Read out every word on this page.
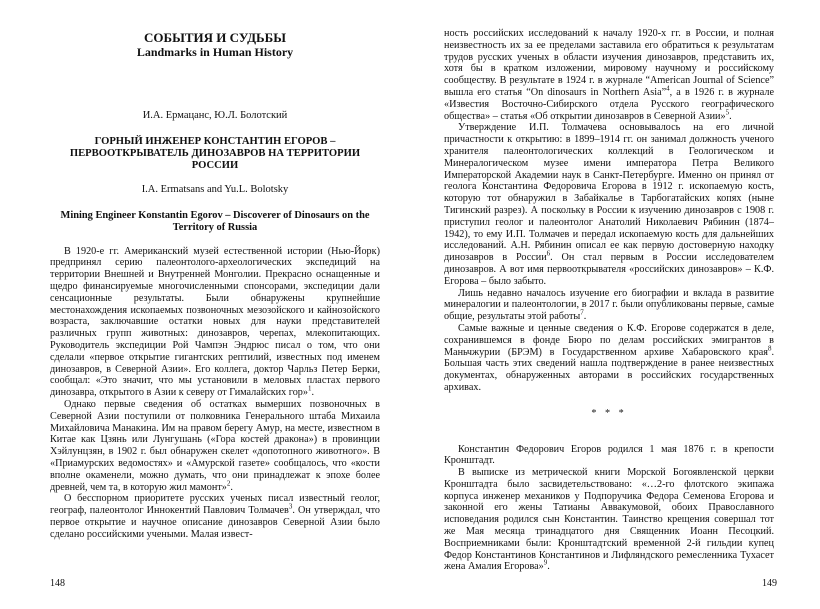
СОБЫТИЯ И СУДЬБЫ
Landmarks in Human History
И.А. Ермацанс, Ю.Л. Болотский
ГОРНЫЙ ИНЖЕНЕР КОНСТАНТИН ЕГОРОВ – ПЕРВООТКРЫВАТЕЛЬ ДИНОЗАВРОВ НА ТЕРРИТОРИИ РОССИИ
I.A. Ermatsans and Yu.L. Bolotsky
Mining Engineer Konstantin Egorov – Discoverer of Dinosaurs on the Territory of Russia

В 1920-е гг. Американский музей естественной истории (Нью-Йорк) предпринял серию палеонтолого-археологических экспедиций на территории Внешней и Внутренней Монголии. Прекрасно оснащенные и щедро финансируемые многочисленными спонсорами, экспедиции дали сенсационные результаты. Были обнаружены крупнейшие местонахождения ископаемых позвоночных мезозойского и кайнозойского возраста, заключавшие остатки новых для науки представителей различных групп животных: динозавров, черепах, млекопитающих. Руководитель экспедиции Рой Чампэн Эндрюс писал о том, что они сделали «первое открытие гигантских рептилий, известных под именем динозавров, в Северной Азии». Его коллега, доктор Чарльз Петер Берки, сообщал: «Это значит, что мы установили в меловых пластах первого динозавра, открытого в Азии к северу от Гималайских гор»$^1$.

Однако первые сведения об остатках вымерших позвоночных в Северной Азии поступили от полковника Генерального штаба Михаила Михайловича Манакина. Им на правом берегу Амур, на месте, известном в Китае как Цзянь или Лунгушань («Гора костей дракона») в провинции Хэйлунцзян, в 1902 г. был обнаружен скелет «допотопного животного». В «Приамурских ведомостях» и «Амурской газете» сообщалось, что «кости вполне окаменели, можно думать, что они принадлежат к эпохе более древней, чем та, в которую жил мамонт»$^2$.

О бесспорном приоритете русских ученых писал известный геолог, географ, палеонтолог Иннокентий Павлович Толмачев$^3$. Он утверждал, что первое открытие и научное описание динозавров Северной Азии было сделано российскими учеными. Малая извест-

148

ность российских исследований к началу 1920-х гг. в России, и полная неизвестность их за ее пределами заставила его обратиться к результатам трудов русских ученых в области изучения динозавров, представить их, хотя бы в кратком изложении, мировому научному и российскому сообществу. В результате в 1924 г. в журнале “American Journal of Science” вышла его статья “On dinosaurs in Northern Asia”$^4$, а в 1926 г. в журнале «Известия Восточно-Сибирского отдела Русского географического общества» – статья «Об открытии динозавров в Северной Азии»$^5$.

Утверждение И.П. Толмачева основывалось на его личной причастности к открытию: в 1899–1914 гг. он занимал должность ученого хранителя палеонтологических коллекций в Геологическом и Минералогическом музее имени императора Петра Великого Императорской Академии наук в Санкт-Петербурге. Именно он принял от геолога Константина Федоровича Егорова в 1912 г. ископаемую кость, которую тот обнаружил в Забайкалье в Тарбогатайских копях (ныне Тигинский разрез). А поскольку в России к изучению динозавров с 1908 г. приступил геолог и палеонтолог Анатолий Николаевич Рябинин (1874–1942), то ему И.П. Толмачев и передал ископаемую кость для дальнейших исследований. А.Н. Рябинин описал ее как первую достоверную находку динозавров в России$^6$. Он стал первым в России исследователем динозавров. А вот имя первооткрывателя «российских динозавров» – К.Ф. Егорова – было забыто.

Лишь недавно началось изучение его биографии и вклада в развитие минералогии и палеонтологии, в 2017 г. были опубликованы первые, самые общие, результаты этой работы$^7$.

Самые важные и ценные сведения о К.Ф. Егорове содержатся в деле, сохранившемся в фонде Бюро по делам российских эмигрантов в Маньчжурии (БРЭМ) в Государственном архиве Хабаровского края$^8$. Большая часть этих сведений нашла подтверждение в ранее неизвестных документах, обнаруженных авторами в российских государственных архивах.

* * *

Константин Федорович Егоров родился 1 мая 1876 г. в крепости Кронштадт.

В выписке из метрической книги Морской Богоявленской церкви Кронштадта было засвидетельствовано: «…2-го флотского экипажа корпуса инженер механиков у Подпоручика Федора Семенова Егорова и законной его жены Татианы Аввакумовой, обоих Православного исповедания родился сын Константин. Таинство крещения совершал тот же Мая месяца тринадцатого дня Священник Иоанн Песоцкий. Восприемниками были: Кронштадтский временной 2-й гильдии купец Федор Константинов Константинов и Лифляндского ремесленника Тухасет жена Амалия Егорова»$^9$.

149
